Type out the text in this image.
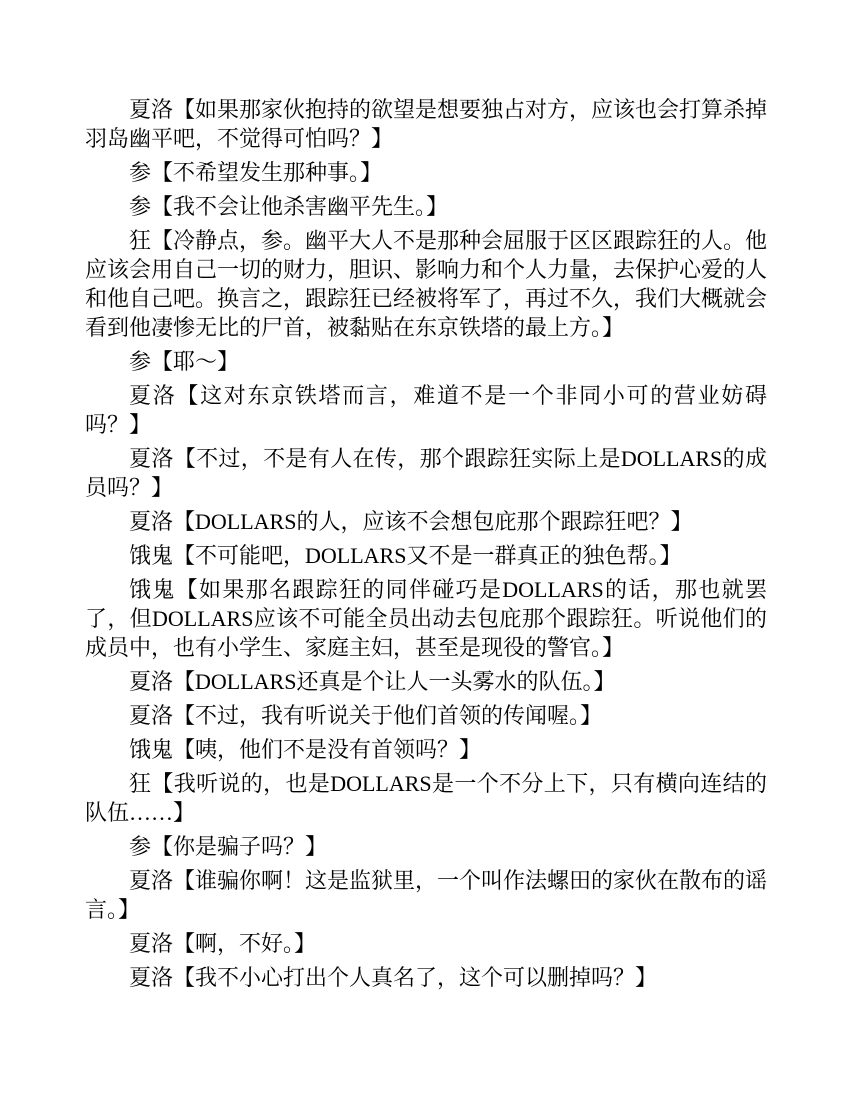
夏洛【如果那家伙抱持的欲望是想要独占对方，应该也会打算杀掉羽岛幽平吧，不觉得可怕吗？】

参【不希望发生那种事。】

参【我不会让他杀害幽平先生。】

狂【冷静点，参。幽平大人不是那种会屈服于区区跟踪狂的人。他应该会用自己一切的财力，胆识、影响力和个人力量，去保护心爱的人和他自己吧。换言之，跟踪狂已经被将军了，再过不久，我们大概就会看到他凄惨无比的尸首，被黏贴在东京铁塔的最上方。】

参【耶～】

夏洛【这对东京铁塔而言，难道不是一个非同小可的营业妨碍吗？】

夏洛【不过，不是有人在传，那个跟踪狂实际上是DOLLARS的成员吗？】

夏洛【DOLLARS的人，应该不会想包庇那个跟踪狂吧？】

饿鬼【不可能吧，DOLLARS又不是一群真正的独色帮。】

饿鬼【如果那名跟踪狂的同伴碰巧是DOLLARS的话，那也就罢了，但DOLLARS应该不可能全员出动去包庇那个跟踪狂。听说他们的成员中，也有小学生、家庭主妇，甚至是现役的警官。】

夏洛【DOLLARS还真是个让人一头雾水的队伍。】

夏洛【不过，我有听说关于他们首领的传闻喔。】

饿鬼【咦，他们不是没有首领吗？】

狂【我听说的，也是DOLLARS是一个不分上下，只有横向连结的队伍……】

参【你是骗子吗？】

夏洛【谁骗你啊！这是监狱里，一个叫作法螺田的家伙在散布的谣言。】

夏洛【啊，不好。】

夏洛【我不小心打出个人真名了，这个可以删掉吗？】
